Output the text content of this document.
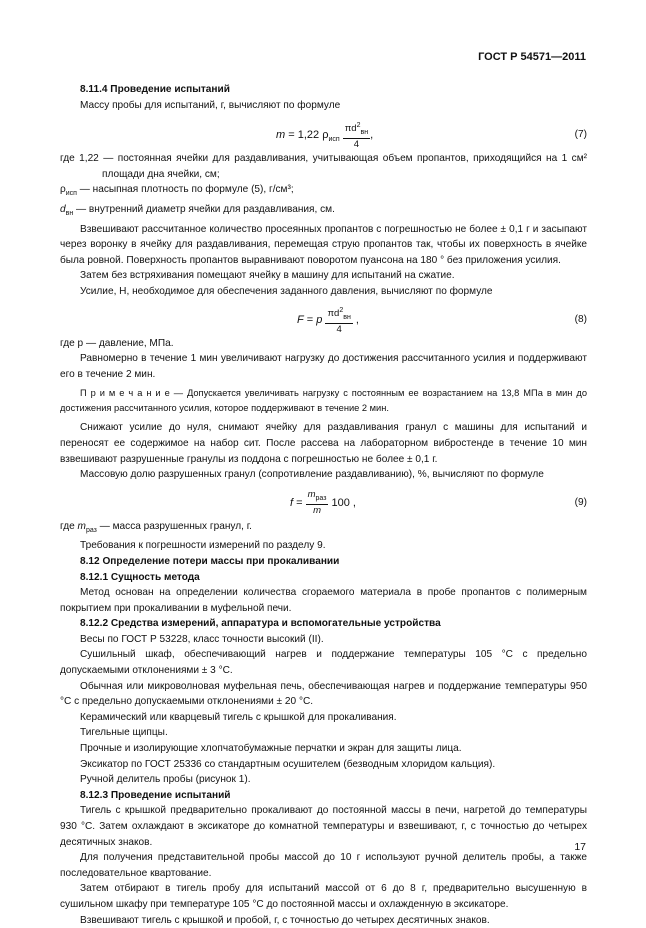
ГОСТ Р 54571—2011

8.11.4 Проведение испытаний

Массу пробы для испытаний, г, вычисляют по формуле

m = 1,22 $\rho_{исп} \frac{\pi d^2_{вн}}{4}$ ,	(7)

где 1,22 — постоянная ячейки для раздавливания, учитывающая объем пропантов, приходящийся на 1 см² площади дна ячейки, см;

$\rho_{исп}$ — насыпная плотность по формуле (5), г/см³;

$d_{вн}$ — внутренний диаметр ячейки для раздавливания, см.

Взвешивают рассчитанное количество просеянных пропантов с погрешностью не более ± 0,1 г и засыпают через воронку в ячейку для раздавливания, перемещая струю пропантов так, чтобы их поверхность в ячейке была ровной. Поверхность пропантов выравнивают поворотом пуансона на 180 ° без приложения усилия.

Затем без встряхивания помещают ячейку в машину для испытаний на сжатие.

Усилие, Н, необходимое для обеспечения заданного давления, вычисляют по формуле

F = p $\frac{\pi d^2_{вн}}{4}$ ,	(8)

где p — давление, МПа.

Равномерно в течение 1 мин увеличивают нагрузку до достижения рассчитанного усилия и поддерживают его в течение 2 мин.

П р и м е ч а н и е — Допускается увеличивать нагрузку с постоянным ее возрастанием на 13,8 МПа в мин до достижения рассчитанного усилия, которое поддерживают в течение 2 мин.

Снижают усилие до нуля, снимают ячейку для раздавливания гранул с машины для испытаний и переносят ее содержимое на набор сит. После рассева на лабораторном вибростенде в течение 10 мин взвешивают разрушенные гранулы из поддона с погрешностью не более ± 0,1 г.

Массовую долю разрушенных гранул (сопротивление раздавливанию), %, вычисляют по формуле

$f = \frac{m_{раз}}{m} 100$ ,	(9)

где $m_{раз}$ — масса разрушенных гранул, г.

Требования к погрешности измерений по разделу 9.

8.12 Определение потери массы при прокаливании

8.12.1 Сущность метода

Метод основан на определении количества сгораемого материала в пробе пропантов с полимерным покрытием при прокаливании в муфельной печи.

8.12.2 Средства измерений, аппаратура и вспомогательные устройства

Весы по ГОСТ Р 53228, класс точности высокий (II).

Сушильный шкаф, обеспечивающий нагрев и поддержание температуры 105 °С с предельно допускаемыми отклонениями ± 3 °С.

Обычная или микроволновая муфельная печь, обеспечивающая нагрев и поддержание температуры 950 °С с предельно допускаемыми отклонениями ± 20 °С.

Керамический или кварцевый тигель с крышкой для прокаливания.

Тигельные щипцы.

Прочные и изолирующие хлопчатобумажные перчатки и экран для защиты лица.

Эксикатор по ГОСТ 25336 со стандартным осушителем (безводным хлоридом кальция).

Ручной делитель пробы (рисунок 1).

8.12.3 Проведение испытаний

Тигель с крышкой предварительно прокаливают до постоянной массы в печи, нагретой до температуры 930 °С. Затем охлаждают в эксикаторе до комнатной температуры и взвешивают, г, с точностью до четырех десятичных знаков.

Для получения представительной пробы массой до 10 г используют ручной делитель пробы, а также последовательное квартование.

Затем отбирают в тигель пробу для испытаний массой от 6 до 8 г, предварительно высушенную в сушильном шкафу при температуре 105 °С до постоянной массы и охлажденную в эксикаторе.

Взвешивают тигель с крышкой и пробой, г, с точностью до четырех десятичных знаков.

17
